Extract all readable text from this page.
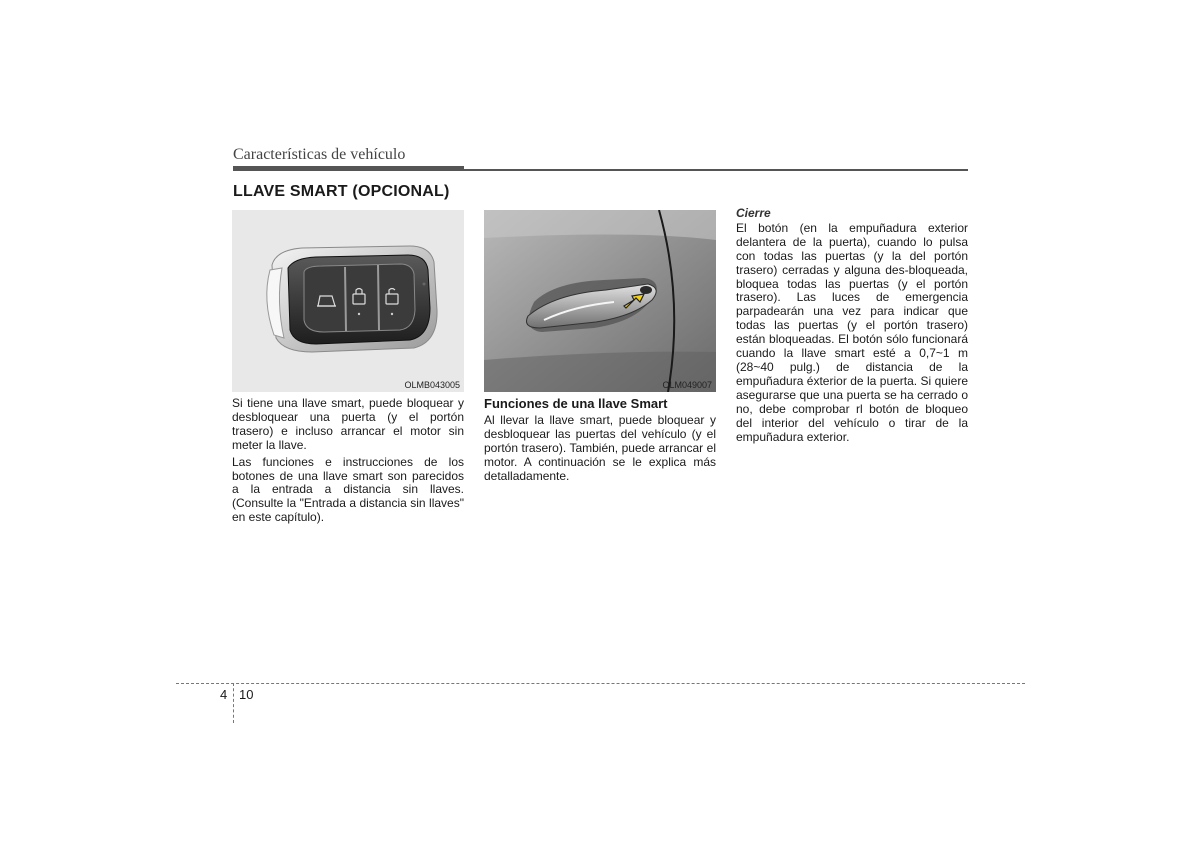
Características de vehículo
LLAVE SMART (OPCIONAL)
OLMB043005	OLM049007

Si tiene una llave smart, puede bloquear y desbloquear una puerta (y el portón trasero) e incluso arrancar el motor sin meter la llave.

Las funciones e instrucciones de los botones de una llave smart son parecidos a la entrada a distancia sin llaves. (Consulte la "Entrada a distancia sin llaves" en este capítulo).

Funciones de una llave Smart

Al llevar la llave smart, puede bloquear y desbloquear las puertas del vehículo (y el portón trasero). También, puede arrancar el motor. A continuación se le explica más detalladamente.

Cierre

El botón (en la empuñadura exterior delantera de la puerta), cuando lo pulsa con todas las puertas (y la del portón trasero) cerradas y alguna des-bloqueada, bloquea todas las puertas (y el portón trasero). Las luces de emergencia parpadearán una vez para indicar que todas las puertas (y el portón trasero) están bloqueadas. El botón sólo funcionará cuando la llave smart esté a 0,7~1 m (28~40 pulg.) de distancia de la empuñadura éxterior de la puerta. Si quiere asegurarse que una puerta se ha cerrado o no, debe comprobar rl botón de bloqueo del interior del vehículo o tirar de la empuñadura exterior.

4 10
